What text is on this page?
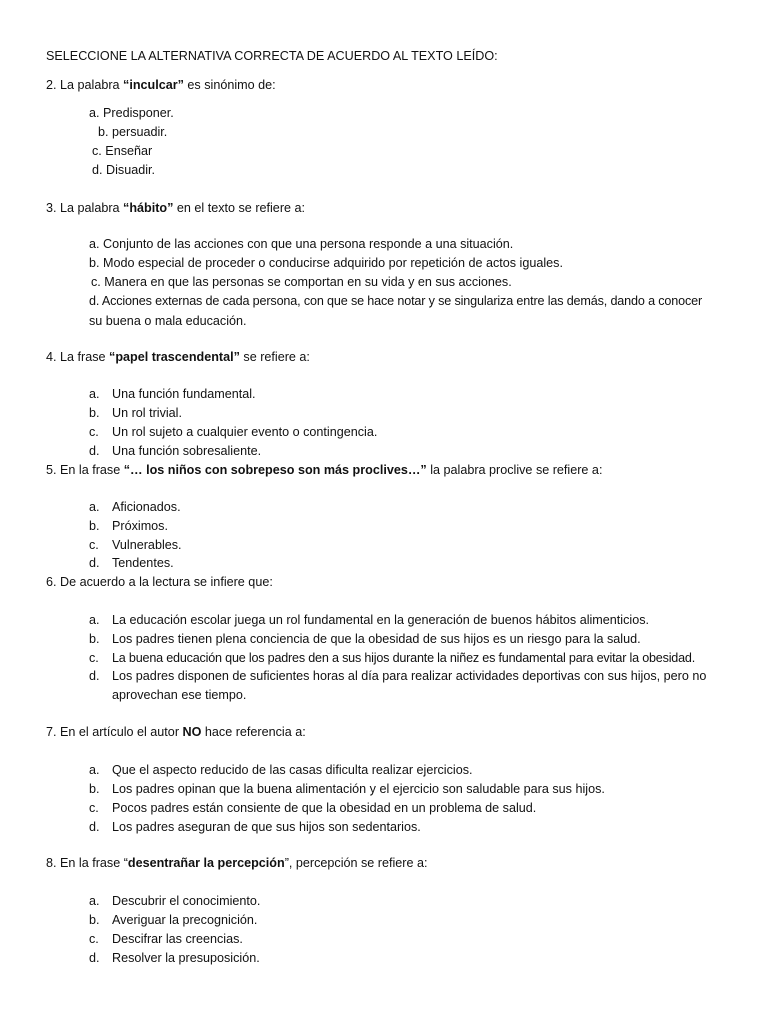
SELECCIONE LA ALTERNATIVA CORRECTA DE ACUERDO AL TEXTO LEÍDO:
2. La palabra “inculcar” es sinónimo de:
a. Predisponer.
b. persuadir.
c. Enseñar
d. Disuadir.
3. La palabra “hábito” en el texto se refiere a:
a. Conjunto de las acciones con que una persona responde a una situación.
b. Modo especial de proceder o conducirse adquirido por repetición de actos iguales.
c. Manera en que las personas se comportan en su vida y en sus acciones.
d. Acciones externas de cada persona, con que se hace notar y se singulariza entre las demás, dando a conocer
su buena o mala educación.
4. La frase “papel trascendental” se refiere a:
a. Una función fundamental.
b. Un rol trivial.
c. Un rol sujeto a cualquier evento o contingencia.
d. Una función sobresaliente.
5. En la frase “… los niños con sobrepeso son más proclives…” la palabra proclive se refiere a:
a. Aficionados.
b. Próximos.
c. Vulnerables.
d. Tendentes.
6. De acuerdo a la lectura se infiere que:
a. La educación escolar juega un rol fundamental en la generación de buenos hábitos alimenticios.
b. Los padres tienen plena conciencia de que la obesidad de sus hijos es un riesgo para la salud.
c. La buena educación que los padres den a sus hijos durante la niñez es fundamental para evitar la obesidad.
d. Los padres disponen de suficientes horas al día para realizar actividades deportivas con sus hijos, pero no aprovechan ese tiempo.
7. En el artículo el autor NO hace referencia a:
a. Que el aspecto reducido de las casas dificulta realizar ejercicios.
b. Los padres opinan que la buena alimentación y el ejercicio son saludable para sus hijos.
c. Pocos padres están consiente de que la obesidad en un problema de salud.
d. Los padres aseguran de que sus hijos son sedentarios.
8. En la frase “desentrañar la percepción”, percepción se refiere a:
a. Descubrir el conocimiento.
b. Averiguar la precognición.
c. Descifrar las creencias.
d. Resolver la presuposición.
